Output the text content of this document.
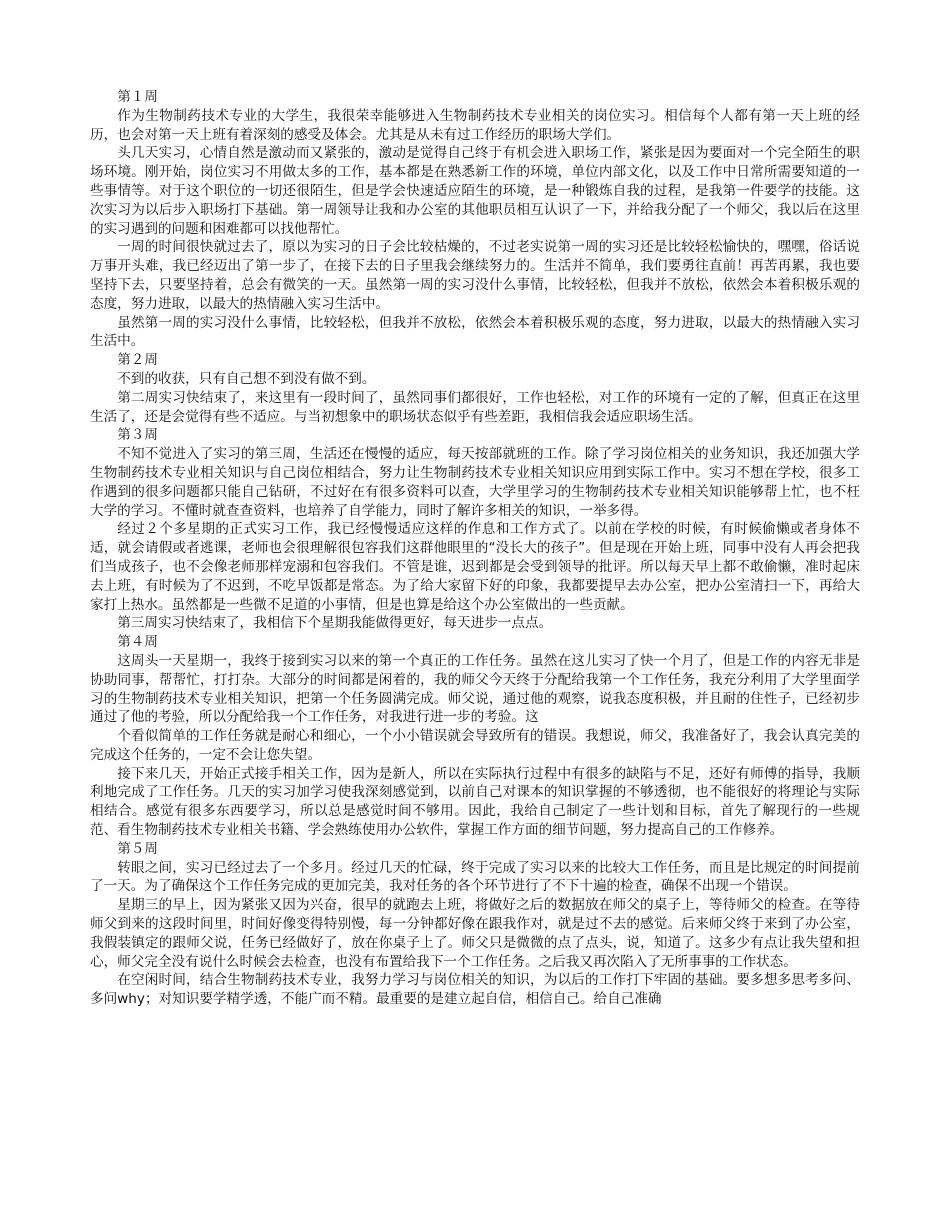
第１周

作为生物制药技术专业的大学生，我很荣幸能够进入生物制药技术专业相关的岗位实习。相信每个人都有第一天上班的经历，也会对第一天上班有着深刻的感受及体会。尤其是从未有过工作经历的职场大学们。

头几天实习，心情自然是激动而又紧张的，激动是觉得自己终于有机会进入职场工作，紧张是因为要面对一个完全陌生的职场环境。刚开始，岗位实习不用做太多的工作，基本都是在熟悉新工作的环境，单位内部文化，以及工作中日常所需要知道的一些事情等。对于这个职位的一切还很陌生，但是学会快速适应陌生的环境，是一种锻炼自我的过程，是我第一件要学的技能。这次实习为以后步入职场打下基础。第一周领导让我和办公室的其他职员相互认识了一下，并给我分配了一个师父，我以后在这里的实习遇到的问题和困难都可以找他帮忙。

一周的时间很快就过去了，原以为实习的日子会比较枯燥的，不过老实说第一周的实习还是比较轻松愉快的，嘿嘿，俗话说万事开头难，我已经迈出了第一步了，在接下去的日子里我会继续努力的。生活并不简单，我们要勇往直前！再苦再累，我也要坚持下去，只要坚持着，总会有微笑的一天。虽然第一周的实习没什么事情，比较轻松，但我并不放松，依然会本着积极乐观的态度，努力进取，以最大的热情融入实习生活中。

虽然第一周的实习没什么事情，比较轻松，但我并不放松，依然会本着积极乐观的态度，努力进取，以最大的热情融入实习生活中。

第２周

不到的收获，只有自己想不到没有做不到。

第二周实习快结束了，来这里有一段时间了，虽然同事们都很好，工作也轻松，对工作的环境有一定的了解，但真正在这里生活了，还是会觉得有些不适应。与当初想象中的职场状态似乎有些差距，我相信我会适应职场生活。

第３周

不知不觉进入了实习的第三周，生活还在慢慢的适应，每天按部就班的工作。除了学习岗位相关的业务知识，我还加强大学生物制药技术专业相关知识与自己岗位相结合，努力让生物制药技术专业相关知识应用到实际工作中。实习不想在学校，很多工作遇到的很多问题都只能自己钻研，不过好在有很多资料可以查，大学里学习的生物制药技术专业相关知识能够帮上忙，也不枉大学的学习。不懂时就查查资料，也培养了自学能力，同时了解许多相关的知识，一举多得。

经过２个多星期的正式实习工作，我已经慢慢适应这样的作息和工作方式了。以前在学校的时候，有时候偷懒或者身体不适，就会请假或者逃课，老师也会很理解很包容我们这群他眼里的“没长大的孩子”。但是现在开始上班，同事中没有人再会把我们当成孩子，也不会像老师那样宠溺和包容我们。不管是谁，迟到都是会受到领导的批评。所以每天早上都不敢偷懒，准时起床去上班，有时候为了不迟到，不吃早饭都是常态。为了给大家留下好的印象，我都要提早去办公室，把办公室清扫一下，再给大家打上热水。虽然都是一些微不足道的小事情，但是也算是给这个办公室做出的一些贡献。

第三周实习快结束了，我相信下个星期我能做得更好，每天进步一点点。

第４周

这周头一天星期一，我终于接到实习以来的第一个真正的工作任务。虽然在这儿实习了快一个月了，但是工作的内容无非是协助同事，帮帮忙，打打杂。大部分的时间都是闲着的，我的师父今天终于分配给我第一个工作任务，我充分利用了大学里面学习的生物制药技术专业相关知识，把第一个任务圆满完成。师父说，通过他的观察，说我态度积极，并且耐的住性子，已经初步通过了他的考验，所以分配给我一个工作任务，对我进行进一步的考验。这

个看似简单的工作任务就是耐心和细心，一个小小错误就会导致所有的错误。我想说，师父，我准备好了，我会认真完美的完成这个任务的，一定不会让您失望。

接下来几天，开始正式接手相关工作，因为是新人，所以在实际执行过程中有很多的缺陷与不足，还好有师傅的指导，我顺利地完成了工作任务。几天的实习加学习使我深刻感觉到，以前自己对课本的知识掌握的不够透彻，也不能很好的将理论与实际相结合。感觉有很多东西要学习，所以总是感觉时间不够用。因此，我给自己制定了一些计划和目标，首先了解现行的一些规范、看生物制药技术专业相关书籍、学会熟练使用办公软件，掌握工作方面的细节问题，努力提高自己的工作修养。

第５周

转眼之间，实习已经过去了一个多月。经过几天的忙碌，终于完成了实习以来的比较大工作任务，而且是比规定的时间提前了一天。为了确保这个工作任务完成的更加完美，我对任务的各个环节进行了不下十遍的检查，确保不出现一个错误。

星期三的早上，因为紧张又因为兴奋，很早的就跑去上班，将做好之后的数据放在师父的桌子上，等待师父的检查。在等待师父到来的这段时间里，时间好像变得特别慢，每一分钟都好像在跟我作对，就是过不去的感觉。后来师父终于来到了办公室，我假装镇定的跟师父说，任务已经做好了，放在你桌子上了。师父只是微微的点了点头，说，知道了。这多少有点让我失望和担心，师父完全没有说什么时候会去检查，也没有布置给我下一个工作任务。之后我又再次陷入了无所事事的工作状态。

在空闲时间，结合生物制药技术专业，我努力学习与岗位相关的知识，为以后的工作打下牢固的基础。要多想多思考多问、多问why；对知识要学精学透，不能广而不精。最重要的是建立起自信，相信自己。给自己准确
